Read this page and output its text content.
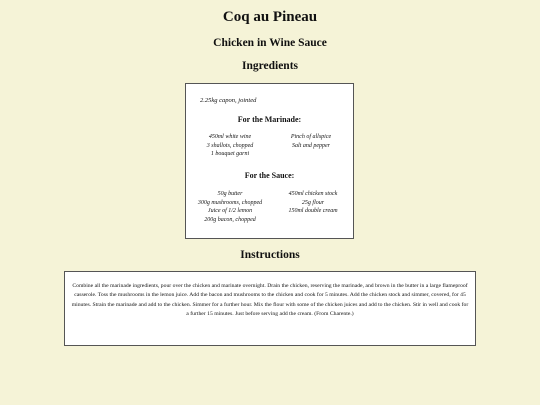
Coq au Pineau
Chicken in Wine Sauce
Ingredients
2.25kg capon, jointed
For the Marinade:
450ml white wine
3 shallots, chopped
1 bouquet garni
Pinch of allspice
Salt and pepper
For the Sauce:
50g butter
300g mushrooms, chopped
Juice of 1/2 lemon
200g bacon, chopped
450ml chicken stock
25g flour
150ml double cream
Instructions
Combine all the marinade ingredients, pour over the chicken and marinate overnight. Drain the chicken, reserving the marinade, and brown in the butter in a large flameproof casserole. Toss the mushrooms in the lemon juice. Add the bacon and mushrooms to the chicken and cook for 5 minutes. Add the chicken stock and simmer, covered, for 45 minutes. Strain the marinade and add to the chicken. Simmer for a further hour. Mix the flour with some of the chicken juices and add to the chicken. Stir in well and cook for a further 15 minutes. Just before serving add the cream. (From Charente.)
